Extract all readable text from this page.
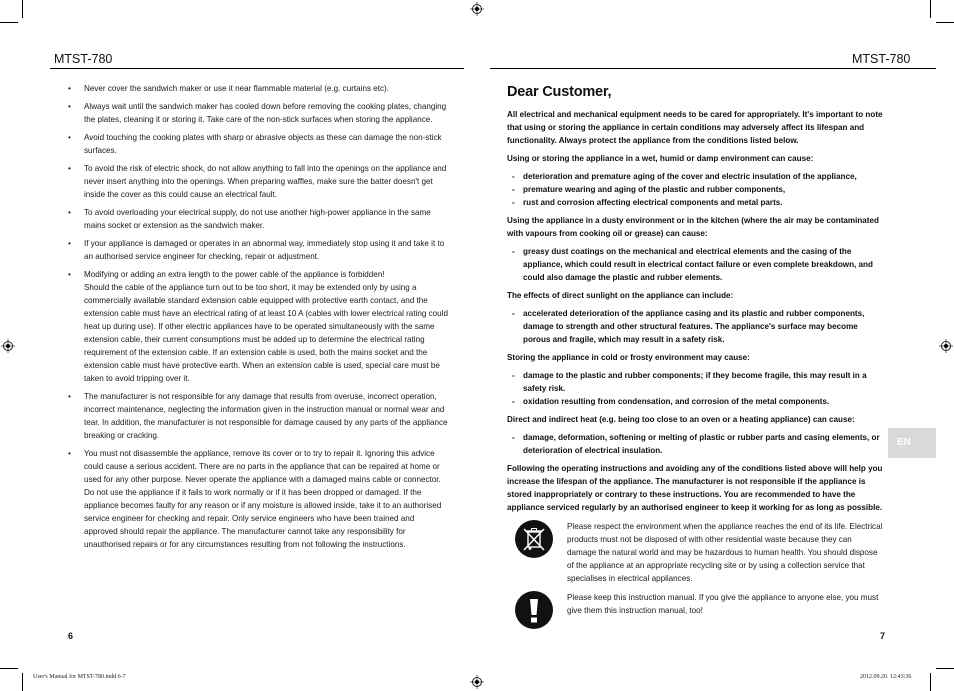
MTST-780	MTST-780
• Never cover the sandwich maker or use it near flammable material (e.g. curtains etc).
• Always wait until the sandwich maker has cooled down before removing the cooking plates, changing the plates, cleaning it or storing it. Take care of the non-stick surfaces when storing the appliance.
• Avoid touching the cooking plates with sharp or abrasive objects as these can damage the non-stick surfaces.
• To avoid the risk of electric shock, do not allow anything to fall into the openings on the appliance and never insert anything into the openings. When preparing waffles, make sure the batter doesn't get inside the cover as this could cause an electrical fault.
• To avoid overloading your electrical supply, do not use another high-power appliance in the same mains socket or extension as the sandwich maker.
• If your appliance is damaged or operates in an abnormal way, immediately stop using it and take it to an authorised service engineer for checking, repair or adjustment.
• Modifying or adding an extra length to the power cable of the appliance is forbidden!
Should the cable of the appliance turn out to be too short, it may be extended only by using a commercially available standard extension cable equipped with protective earth contact, and the extension cable must have an electrical rating of at least 10 A (cables with lower electrical rating could heat up during use). If other electric appliances have to be operated simultaneously with the same extension cable, their current consumptions must be added up to determine the electrical rating requirement of the extension cable. If an extension cable is used, both the mains socket and the extension cable must have protective earth. When an extension cable is used, special care must be taken to avoid tripping over it.
• The manufacturer is not responsible for any damage that results from overuse, incorrect operation, incorrect maintenance, neglecting the information given in the instruction manual or normal wear and tear. In addition, the manufacturer is not responsible for damage caused by any parts of the appliance breaking or cracking.
• You must not disassemble the appliance, remove its cover or to try to repair it. Ignoring this advice could cause a serious accident. There are no parts in the appliance that can be repaired at home or used for any other purpose. Never operate the appliance with a damaged mains cable or connector. Do not use the appliance if it fails to work normally or if it has been dropped or damaged. If the appliance becomes faulty for any reason or if any moisture is allowed inside, take it to an authorised service engineer for checking and repair. Only service engineers who have been trained and approved should repair the appliance. The manufacturer cannot take any responsibility for unauthorised repairs or for any circumstances resulting from not following the instructions.
Dear Customer,

All electrical and mechanical equipment needs to be cared for appropriately. It's important to note that using or storing the appliance in certain conditions may adversely affect its lifespan and functionality. Always protect the appliance from the conditions listed below.

Using or storing the appliance in a wet, humid or damp environment can cause:

- deterioration and premature aging of the cover and electric insulation of the appliance,
- premature wearing and aging of the plastic and rubber components,
- rust and corrosion affecting electrical components and metal parts.

Using the appliance in a dusty environment or in the kitchen (where the air may be contaminated with vapours from cooking oil or grease) can cause:

- greasy dust coatings on the mechanical and electrical elements and the casing of the appliance, which could result in electrical contact failure or even complete breakdown, and could also damage the plastic and rubber elements.

The effects of direct sunlight on the appliance can include:

- accelerated deterioration of the appliance casing and its plastic and rubber components, damage to strength and other structural features. The appliance's surface may become porous and fragile, which may result in a safety risk.

Storing the appliance in cold or frosty environment may cause:

- damage to the plastic and rubber components; if they become fragile, this may result in a safety risk.
- oxidation resulting from condensation, and corrosion of the metal components.

Direct and indirect heat (e.g. being too close to an oven or a heating appliance) can cause:

- damage, deformation, softening or melting of plastic or rubber parts and casing elements, or deterioration of electrical insulation.

Following the operating instructions and avoiding any of the conditions listed above will help you increase the lifespan of the appliance. The manufacturer is not responsible if the appliance is stored inappropriately or contrary to these instructions. You are recommended to have the appliance serviced regularly by an authorised engineer to keep it working for as long as possible.

Please respect the environment when the appliance reaches the end of its life. Electrical products must not be disposed of with other residential waste because they can damage the natural world and may be hazardous to human health. You should dispose of the appliance at an appropriate recycling site or by using a collection service that specialises in electrical appliances.
Please keep this instruction manual. If you give the appliance to anyone else, you must give them this instruction manual, too!
EN
6	7
User's Manual for MTST-780.indd 6-7	2012.09.20. 12:43:36
